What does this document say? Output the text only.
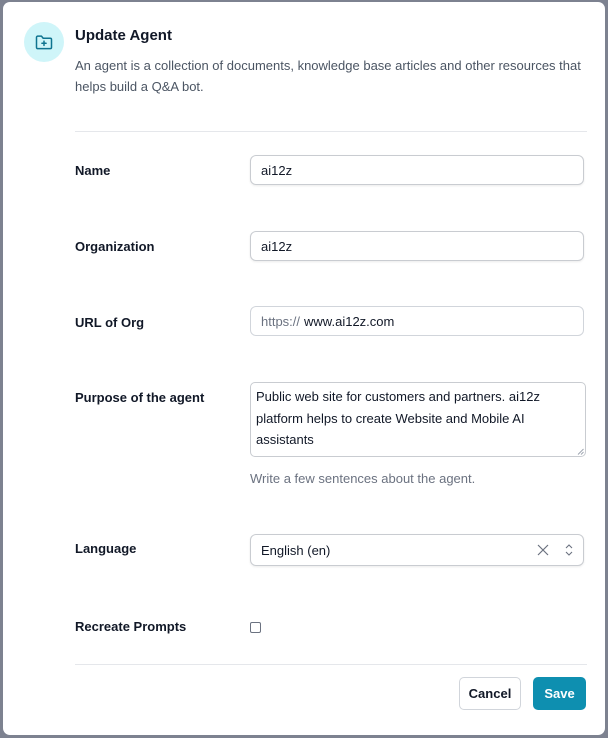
Update Agent
An agent is a collection of documents, knowledge base articles and other resources that helps build a Q&A bot.
Name	ai12z
Organization	ai12z
URL of Org	https:// www.ai12z.com
Purpose of the agent	Public web site for customers and partners. ai12z platform helps to create Website and Mobile AI assistants
Write a few sentences about the agent.
Language	English (en)
Recreate Prompts
Cancel	Save
